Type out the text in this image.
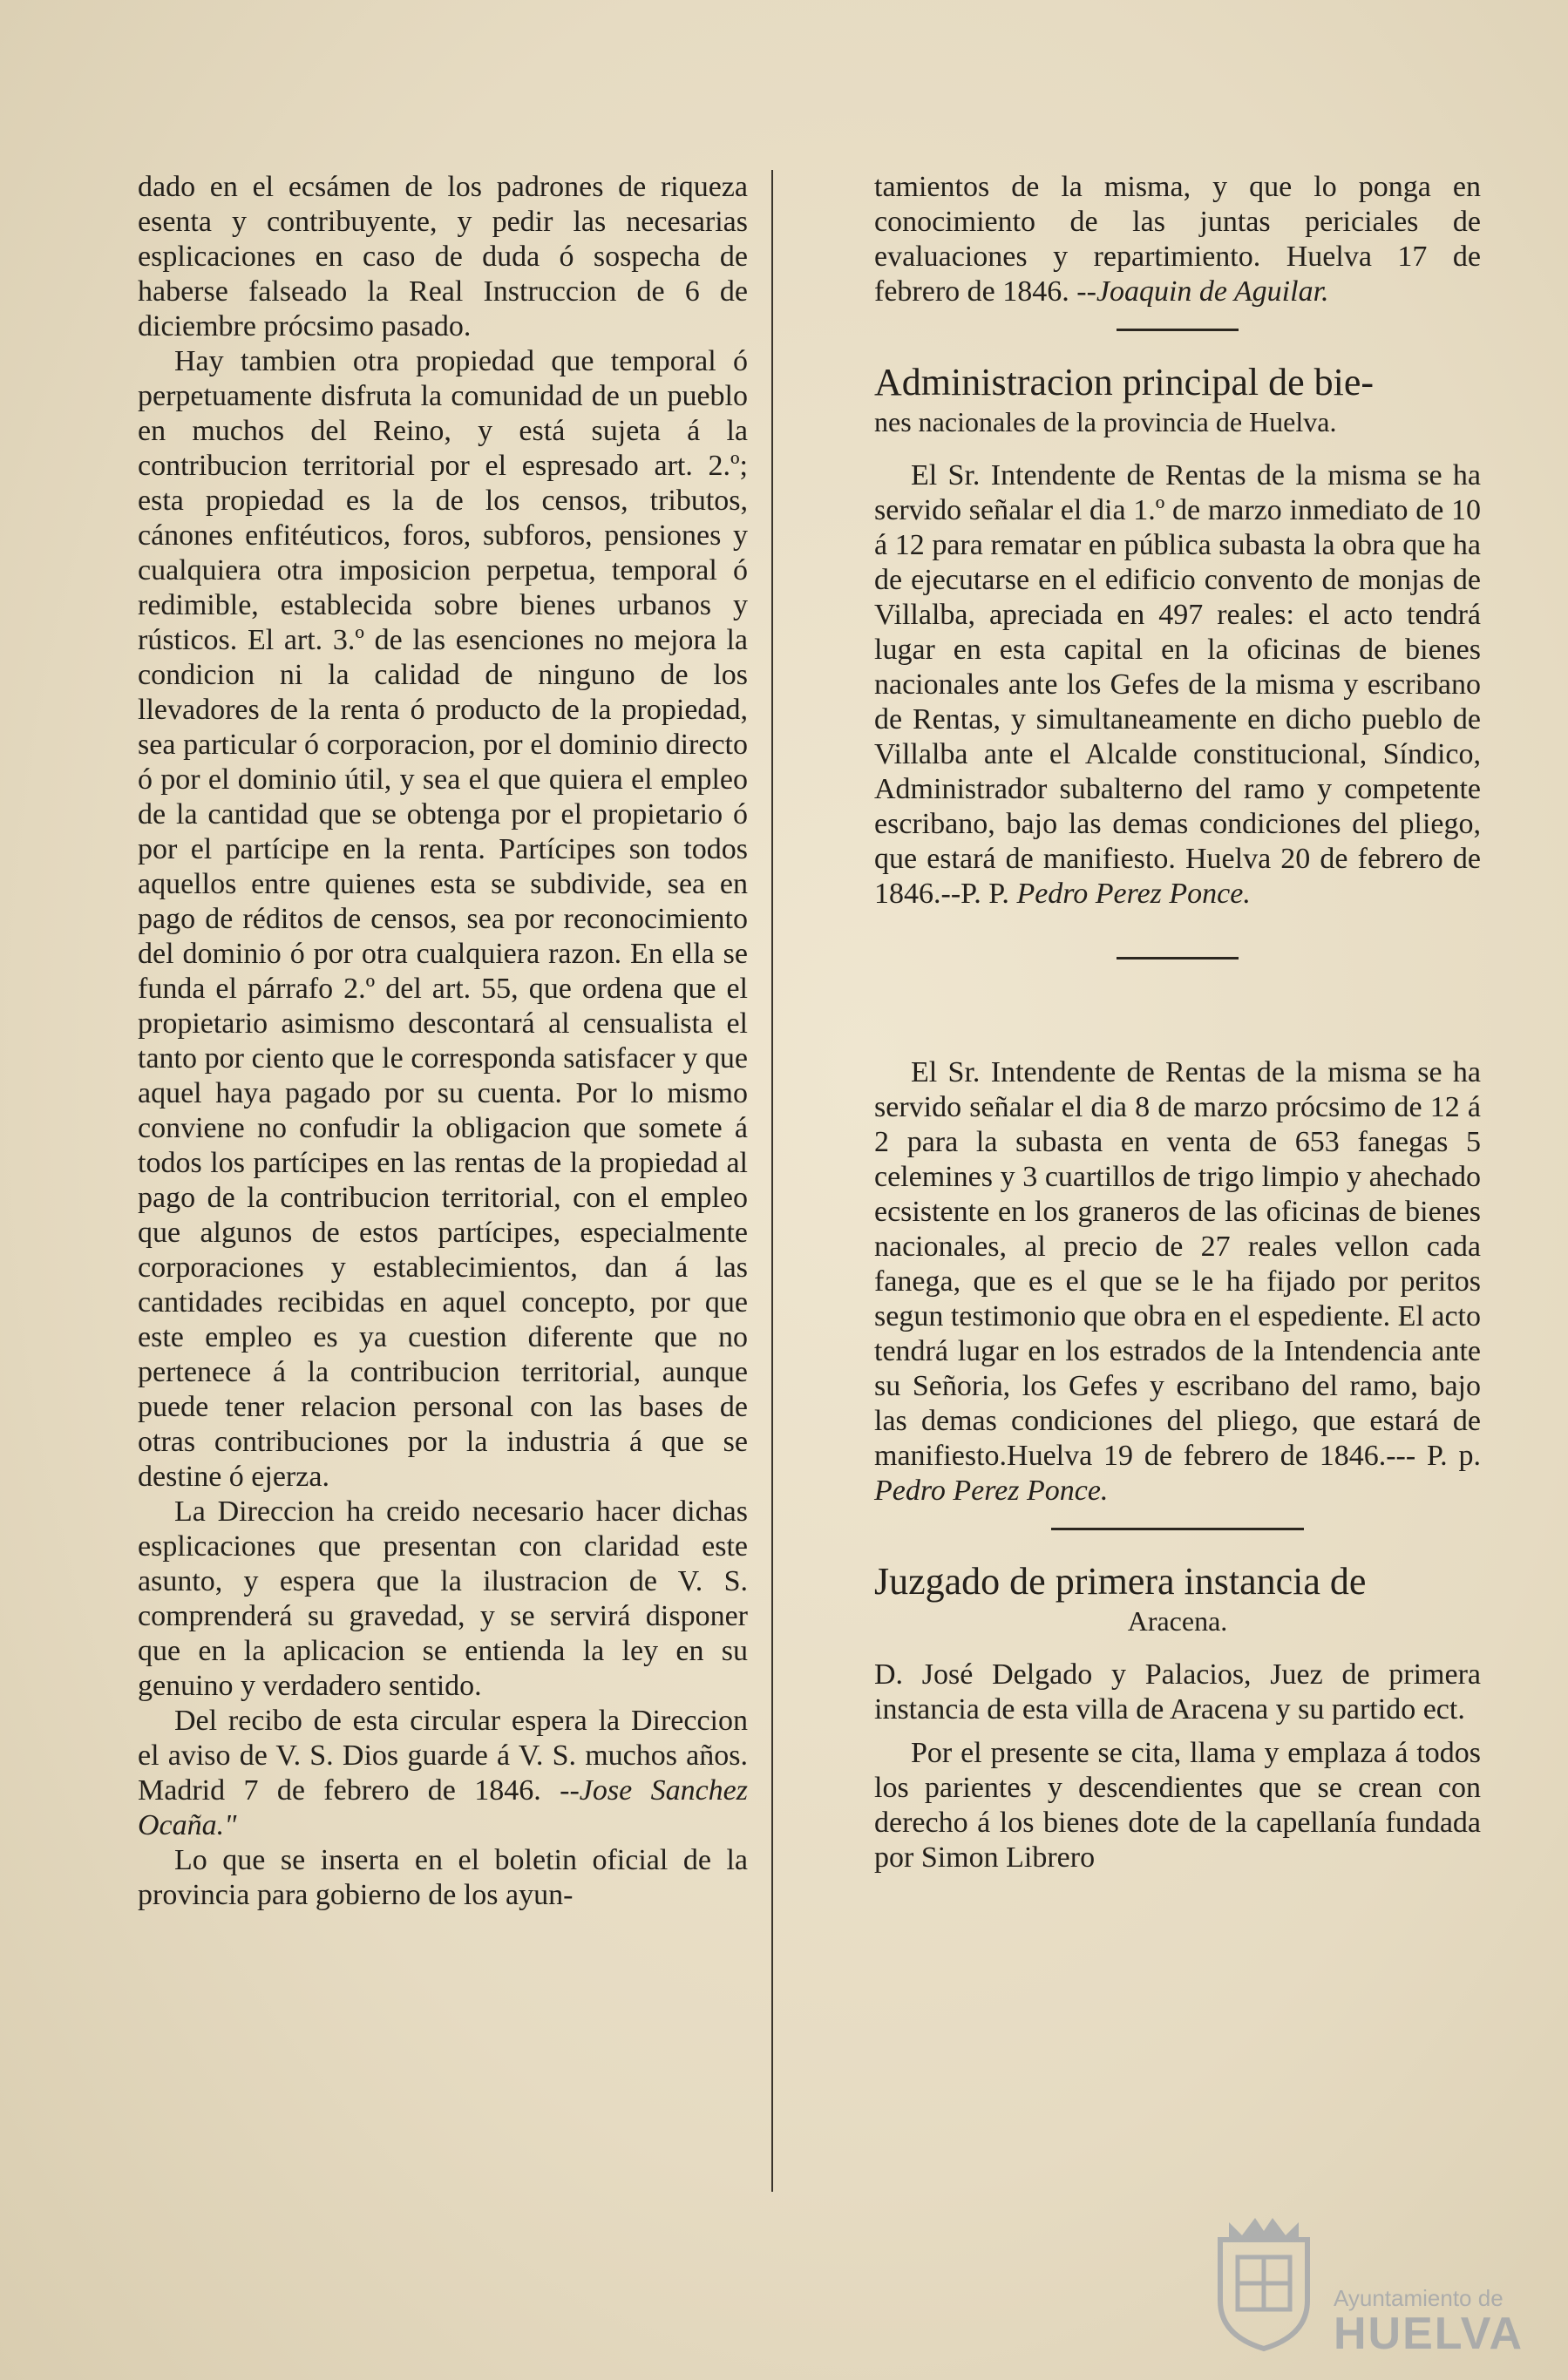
dado en el ecsámen de los padrones de riqueza esenta y contribuyente, y pedir las necesarias esplicaciones en caso de duda ó sospecha de haberse falseado la Real Instruccion de 6 de diciembre prócsimo pasado.

Hay tambien otra propiedad que temporal ó perpetuamente disfruta la comunidad de un pueblo en muchos del Reino, y está sujeta á la contribucion territorial por el espresado art. 2.º; esta propiedad es la de los censos, tributos, cánones enfitéuticos, foros, subforos, pensiones y cualquiera otra imposicion perpetua, temporal ó redimible, establecida sobre bienes urbanos y rústicos. El art. 3.º de las esenciones no mejora la condicion ni la calidad de ninguno de los llevadores de la renta ó producto de la propiedad, sea particular ó corporacion, por el dominio directo ó por el dominio útil, y sea el que quiera el empleo de la cantidad que se obtenga por el propietario ó por el partícipe en la renta. Partícipes son todos aquellos entre quienes esta se subdivide, sea en pago de réditos de censos, sea por reconocimiento del dominio ó por otra cualquiera razon. En ella se funda el párrafo 2.º del art. 55, que ordena que el propietario asimismo descontará al censualista el tanto por ciento que le corresponda satisfacer y que aquel haya pagado por su cuenta. Por lo mismo conviene no confudir la obligacion que somete á todos los partícipes en las rentas de la propiedad al pago de la contribucion territorial, con el empleo que algunos de estos partícipes, especialmente corporaciones y establecimientos, dan á las cantidades recibidas en aquel concepto, por que este empleo es ya cuestion diferente que no pertenece á la contribucion territorial, aunque puede tener relacion personal con las bases de otras contribuciones por la industria á que se destine ó ejerza.

La Direccion ha creido necesario hacer dichas esplicaciones que presentan con claridad este asunto, y espera que la ilustracion de V. S. comprenderá su gravedad, y se servirá disponer que en la aplicacion se entienda la ley en su genuino y verdadero sentido.

Del recibo de esta circular espera la Direccion el aviso de V. S. Dios guarde á V. S. muchos años. Madrid 7 de febrero de 1846. --Jose Sanchez Ocaña."

Lo que se inserta en el boletin oficial de la provincia para gobierno de los ayun-

tamientos de la misma, y que lo ponga en conocimiento de las juntas periciales de evaluaciones y repartimiento. Huelva 17 de febrero de 1846. --Joaquin de Aguilar.

Administracion principal de bie-
nes nacionales de la provincia de Huelva.

El Sr. Intendente de Rentas de la misma se ha servido señalar el dia 1.º de marzo inmediato de 10 á 12 para rematar en pública subasta la obra que ha de ejecutarse en el edificio convento de monjas de Villalba, apreciada en 497 reales: el acto tendrá lugar en esta capital en la oficinas de bienes nacionales ante los Gefes de la misma y escribano de Rentas, y simultaneamente en dicho pueblo de Villalba ante el Alcalde constitucional, Síndico, Administrador subalterno del ramo y competente escribano, bajo las demas condiciones del pliego, que estará de manifiesto. Huelva 20 de febrero de 1846.--P. P. Pedro Perez Ponce.

El Sr. Intendente de Rentas de la misma se ha servido señalar el dia 8 de marzo prócsimo de 12 á 2 para la subasta en venta de 653 fanegas 5 celemines y 3 cuartillos de trigo limpio y ahechado ecsistente en los graneros de las oficinas de bienes nacionales, al precio de 27 reales vellon cada fanega, que es el que se le ha fijado por peritos segun testimonio que obra en el espediente. El acto tendrá lugar en los estrados de la Intendencia ante su Señoria, los Gefes y escribano del ramo, bajo las demas condiciones del pliego, que estará de manifiesto.Huelva 19 de febrero de 1846.--- P. p. Pedro Perez Ponce.

Juzgado de primera instancia de
Aracena.

D. José Delgado y Palacios, Juez de primera instancia de esta villa de Aracena y su partido ect.

Por el presente se cita, llama y emplaza á todos los parientes y descendientes que se crean con derecho á los bienes dote de la capellanía fundada por Simon Librero

Ayuntamiento de
HUELVA
